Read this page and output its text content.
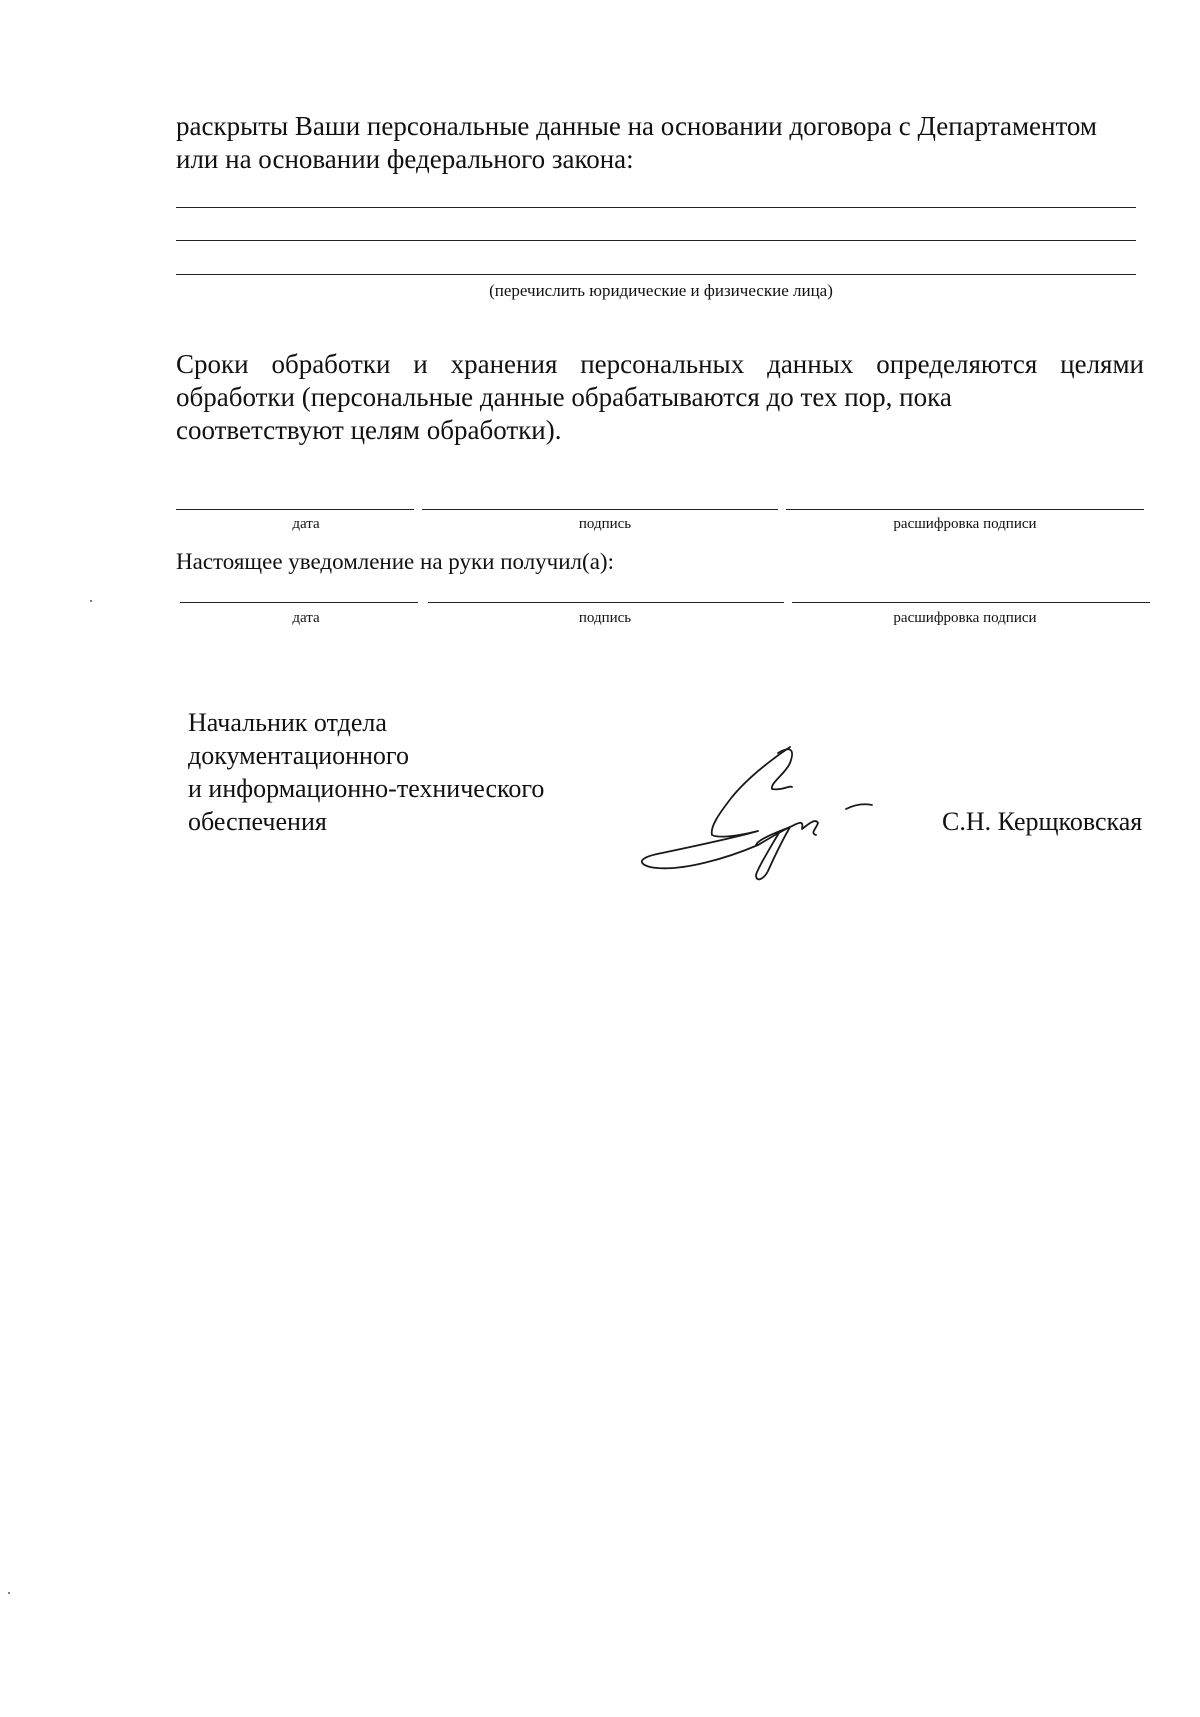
раскрыты Ваши персональные данные на основании договора с Департаментом
или на основании федерального закона:

(перечислить юридические и физические лица)

Сроки обработки и хранения персональных данных определяются целями обработки (персональные данные обрабатываются до тех пор, пока
соответствуют целям обработки).

дата	подпись	расшифровка подписи
Настоящее уведомление на руки получил(а):
дата	подпись	расшифровка подписи
Начальник отдела
документационного
и информационно-технического
обеспечения	С.Н. Керщковская
